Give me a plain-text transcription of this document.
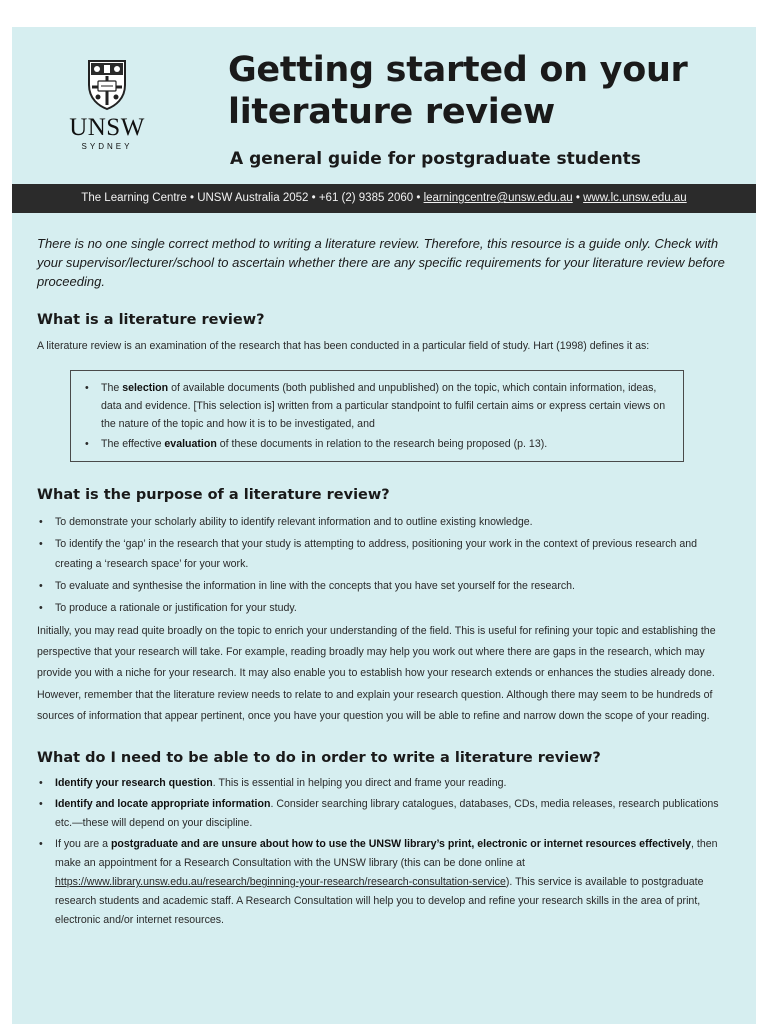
UNSW
SYDNEY
Getting started on your
literature review
A general guide for postgraduate students
The Learning Centre • UNSW Australia 2052 • +61 (2) 9385 2060 • learningcentre@unsw.edu.au • www.lc.unsw.edu.au

There is no one single correct method to writing a literature review. Therefore, this resource is a guide only. Check with your supervisor/lecturer/school to ascertain whether there are any specific requirements for your literature review before proceeding.

What is a literature review?

A literature review is an examination of the research that has been conducted in a particular field of study. Hart (1998) defines it as:

• The selection of available documents (both published and unpublished) on the topic, which contain information, ideas, data and evidence. [This selection is] written from a particular standpoint to fulfil certain aims or express certain views on the nature of the topic and how it is to be investigated, and
• The effective evaluation of these documents in relation to the research being proposed (p. 13).
What is the purpose of a literature review?
• To demonstrate your scholarly ability to identify relevant information and to outline existing knowledge.
• To identify the ‘gap’ in the research that your study is attempting to address, positioning your work in the context of previous research and creating a ‘research space’ for your work.
• To evaluate and synthesise the information in line with the concepts that you have set yourself for the research.
• To produce a rationale or justification for your study.

Initially, you may read quite broadly on the topic to enrich your understanding of the field. This is useful for refining your topic and establishing the perspective that your research will take. For example, reading broadly may help you work out where there are gaps in the research, which may provide you with a niche for your research. It may also enable you to establish how your research extends or enhances the studies already done.

However, remember that the literature review needs to relate to and explain your research question. Although there may seem to be hundreds of sources of information that appear pertinent, once you have your question you will be able to refine and narrow down the scope of your reading.

What do I need to be able to do in order to write a literature review?
• Identify your research question. This is essential in helping you direct and frame your reading.
• Identify and locate appropriate information. Consider searching library catalogues, databases, CDs, media releases, research publications etc.—these will depend on your discipline.
• If you are a postgraduate and are unsure about how to use the UNSW library’s print, electronic or internet resources effectively, then make an appointment for a Research Consultation with the UNSW library (this can be done online at https://www.library.unsw.edu.au/research/beginning-your-research/research-consultation-service). This service is available to postgraduate research students and academic staff. A Research Consultation will help you to develop and refine your research skills in the area of print, electronic and/or internet resources.
